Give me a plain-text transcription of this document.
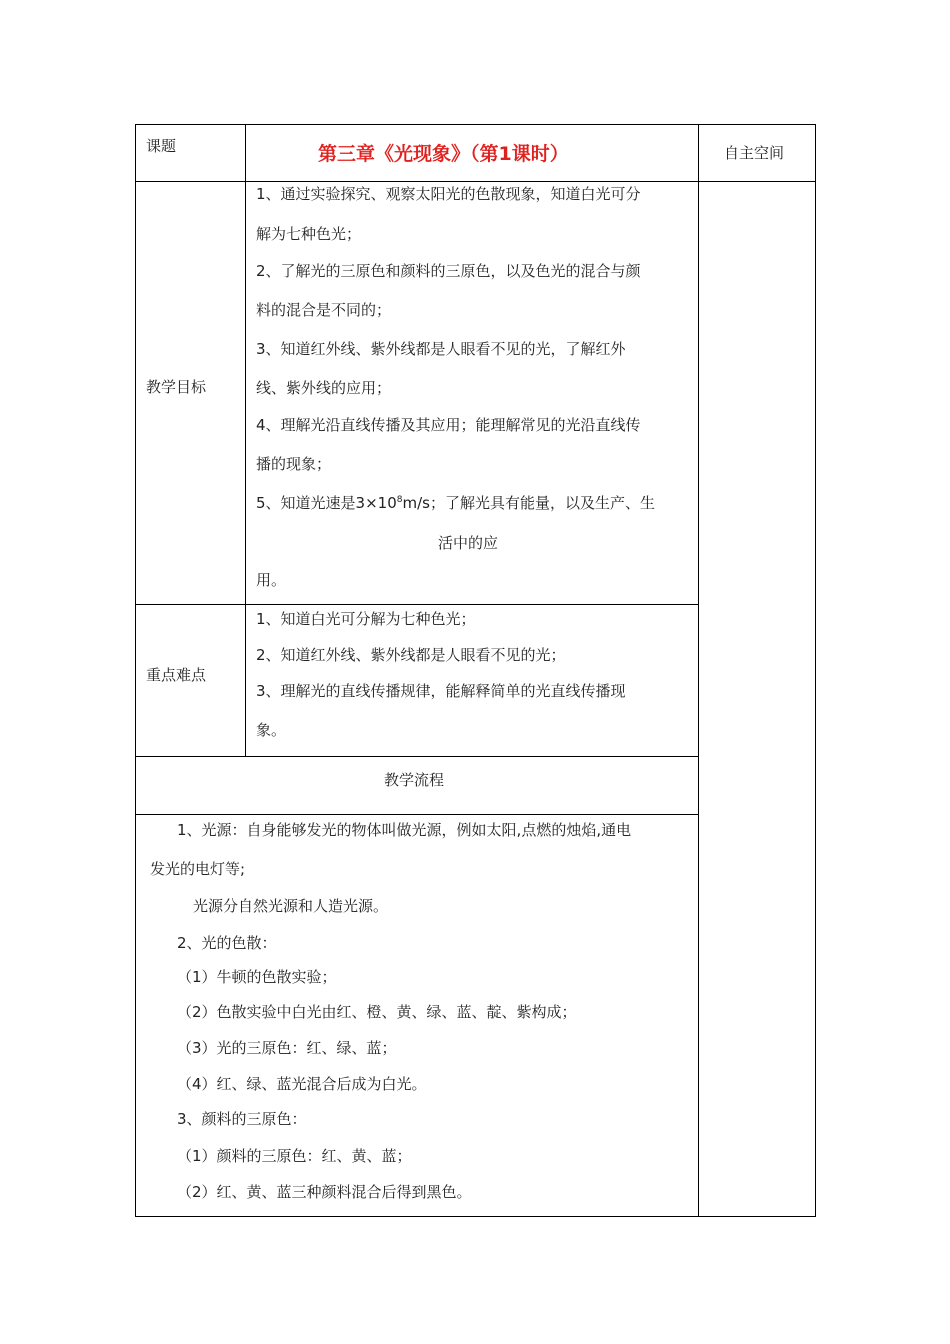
课题	第三章《光现象》（第1课时）	自主空间
教学目标
1、通过实验探究、观察太阳光的色散现象，知道白光可分
解为七种色光；
2、了解光的三原色和颜料的三原色，以及色光的混合与颜
料的混合是不同的；
3、知道红外线、紫外线都是人眼看不见的光，了解红外
线、紫外线的应用；
4、理解光沿直线传播及其应用；能理解常见的光沿直线传
播的现象；
5、知道光速是$3\times 10^8m/s$；了解光具有能量，以及生产、生
活中的应
用。
重点难点
1、知道白光可分解为七种色光；
2、知道红外线、紫外线都是人眼看不见的光；
3、理解光的直线传播规律，能解释简单的光直线传播现
象。
教学流程
1、光源：自身能够发光的物体叫做光源，例如太阳,点燃的烛焰,通电
发光的电灯等;
光源分自然光源和人造光源。
2、光的色散：
（1）牛顿的色散实验；
（2）色散实验中白光由红、橙、黄、绿、蓝、靛、紫构成；
（3）光的三原色：红、绿、蓝；
（4）红、绿、蓝光混合后成为白光。
3、颜料的三原色：
（1）颜料的三原色：红、黄、蓝；
（2）红、黄、蓝三种颜料混合后得到黑色。
